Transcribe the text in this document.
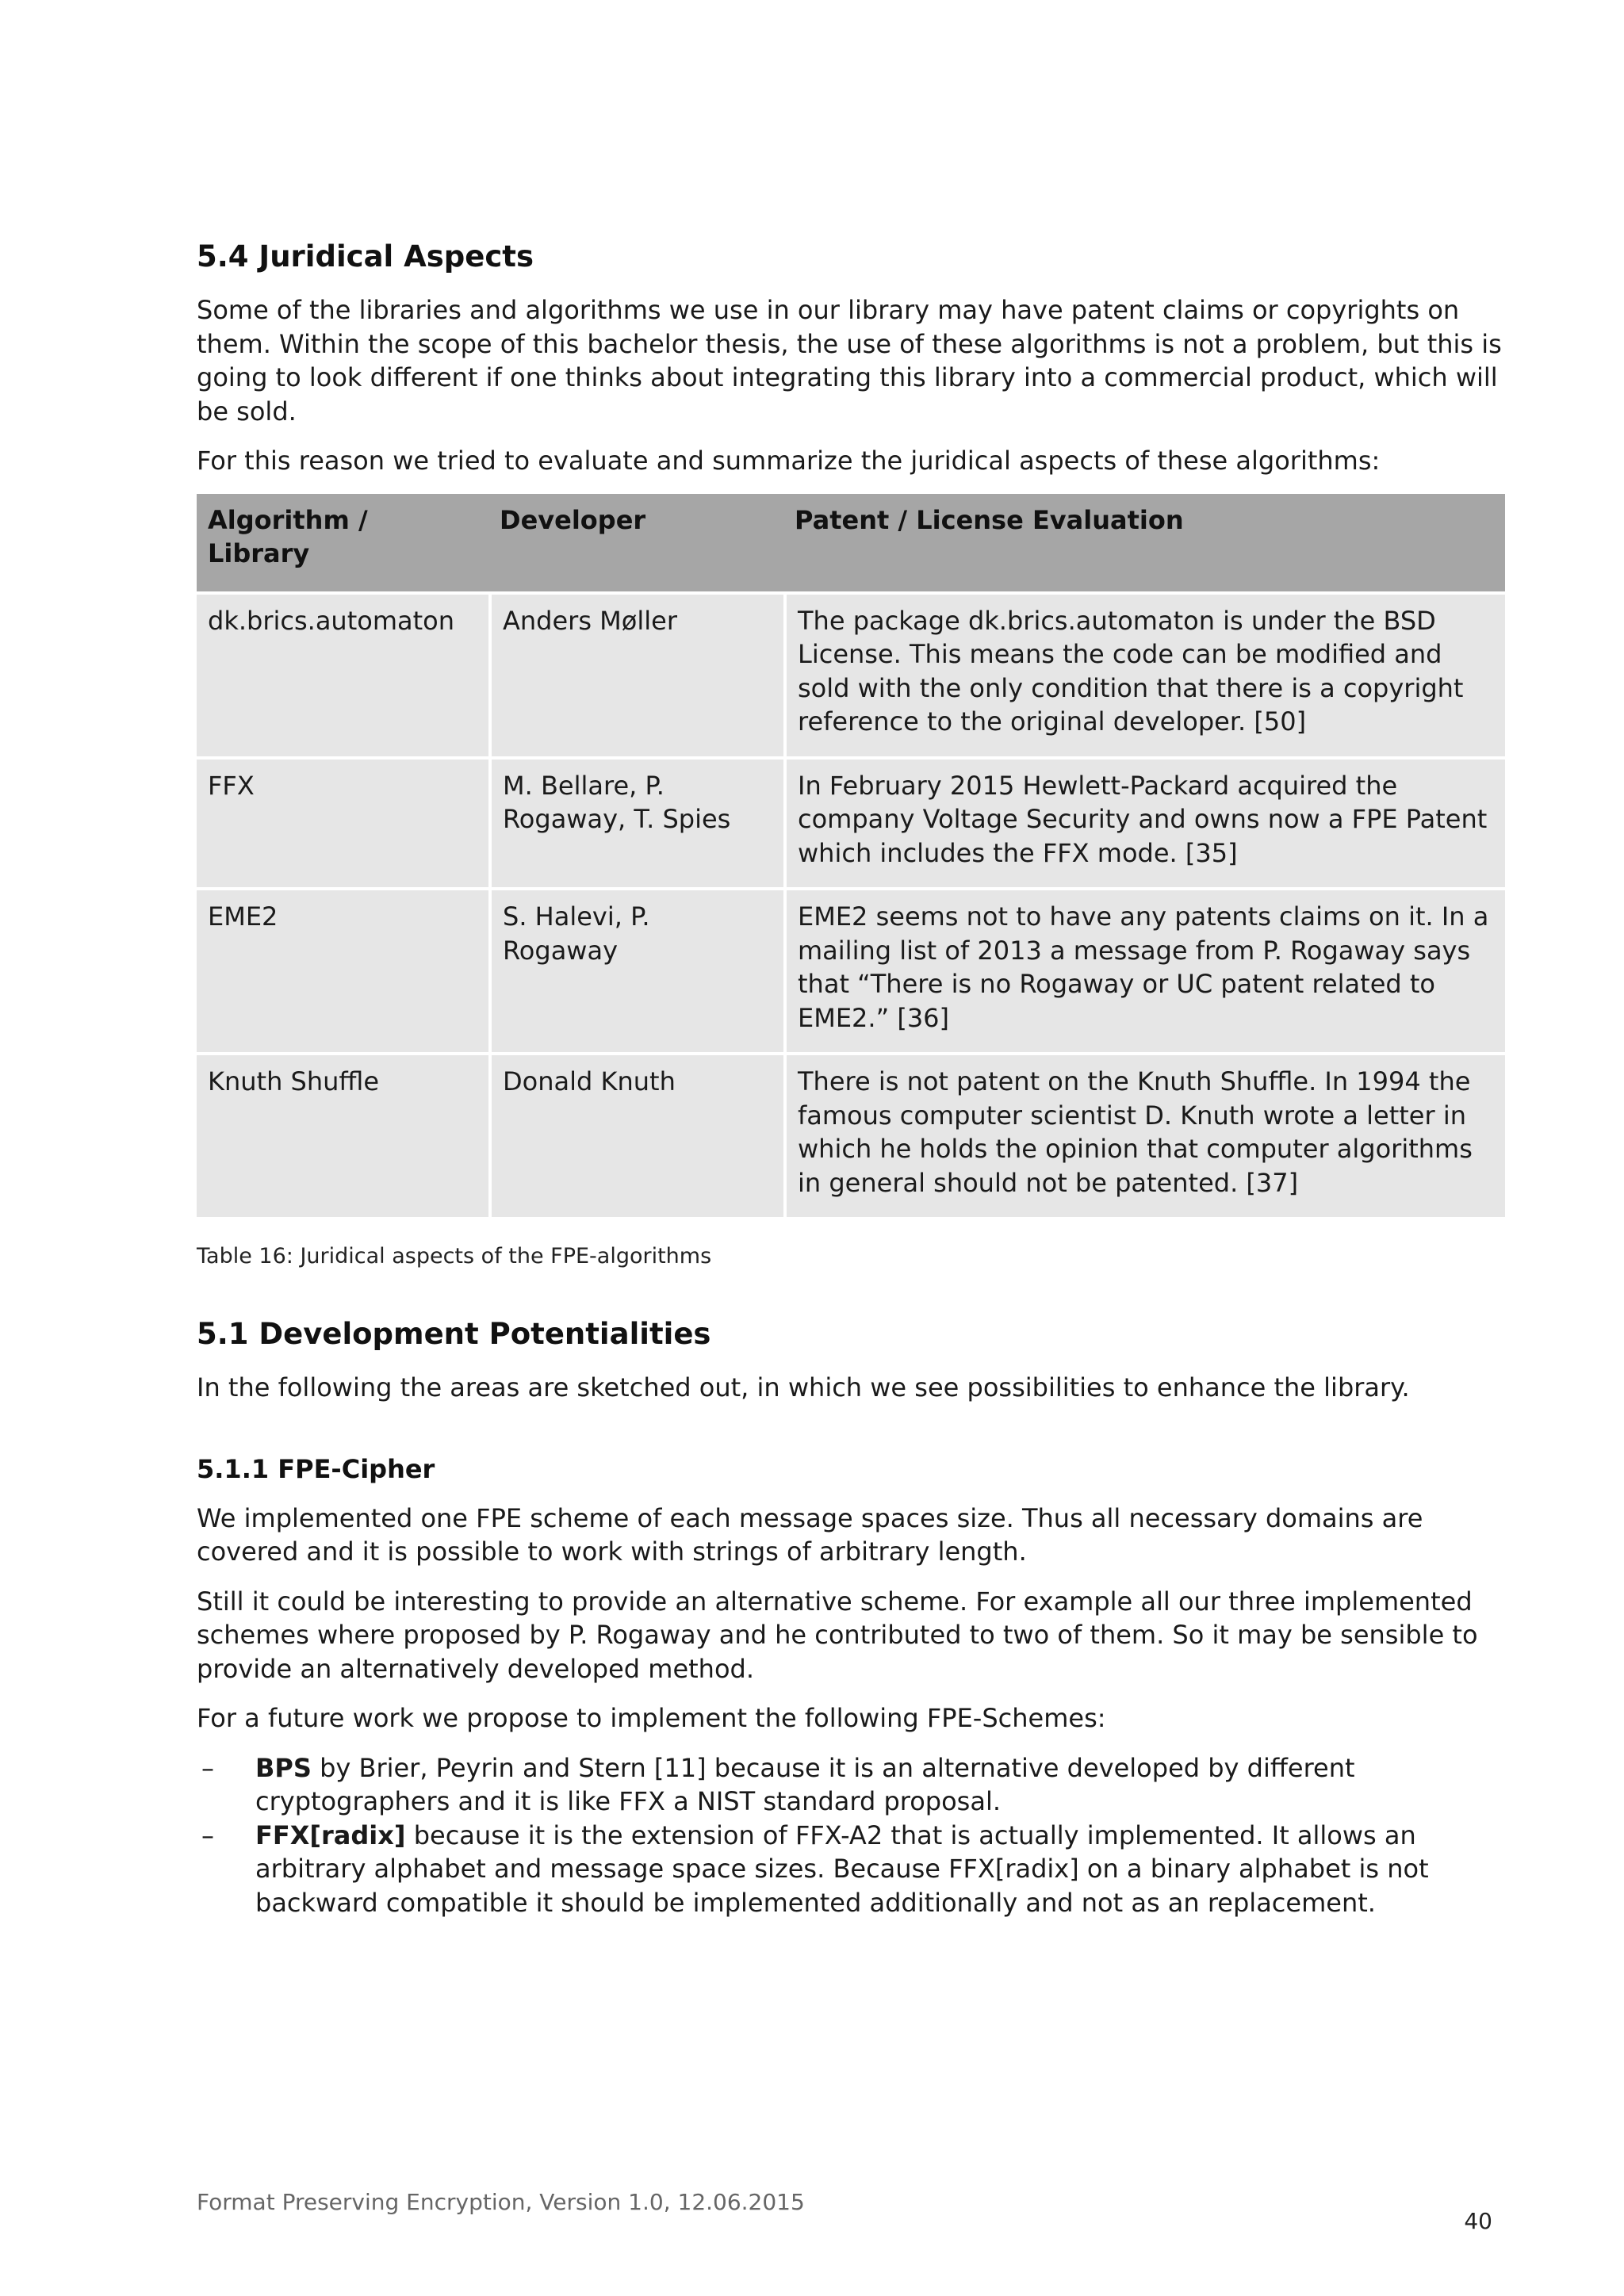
5.4 Juridical Aspects

Some of the libraries and algorithms we use in our library may have patent claims or copyrights on them. Within the scope of this bachelor thesis, the use of these algorithms is not a problem, but this is going to look different if one thinks about integrating this library into a commercial product, which will be sold.

For this reason we tried to evaluate and summarize the juridical aspects of these algorithms:

Algorithm / Library	Developer	Patent / License Evaluation
dk.brics.automaton	Anders Møller	The package dk.brics.automaton is under the BSD License. This means the code can be modified and sold with the only condition that there is a copyright reference to the original developer. [50]
FFX	M. Bellare, P. Rogaway, T. Spies	In February 2015 Hewlett-Packard acquired the company Voltage Security and owns now a FPE Patent which includes the FFX mode. [35]
EME2	S. Halevi, P. Rogaway	EME2 seems not to have any patents claims on it. In a mailing list of 2013 a message from P. Rogaway says that “There is no Rogaway or UC patent related to EME2.” [36]
Knuth Shuffle	Donald Knuth	There is not patent on the Knuth Shuffle. In 1994 the famous computer scientist D. Knuth wrote a letter in which he holds the opinion that computer algorithms in general should not be patented. [37]
Table 16: Juridical aspects of the FPE-algorithms
5.1 Development Potentialities

In the following the areas are sketched out, in which we see possibilities to enhance the library.

5.1.1 FPE-Cipher

We implemented one FPE scheme of each message spaces size. Thus all necessary domains are covered and it is possible to work with strings of arbitrary length.

Still it could be interesting to provide an alternative scheme. For example all our three implemented schemes where proposed by P. Rogaway and he contributed to two of them. So it may be sensible to provide an alternatively developed method.

For a future work we propose to implement the following FPE-Schemes:

– BPS by Brier, Peyrin and Stern [11] because it is an alternative developed by different cryptographers and it is like FFX a NIST standard proposal.
– FFX[radix] because it is the extension of FFX-A2 that is actually implemented. It allows an arbitrary alphabet and message space sizes. Because FFX[radix] on a binary alphabet is not backward compatible it should be implemented additionally and not as an replacement.
Format Preserving Encryption, Version 1.0, 12.06.2015
40
